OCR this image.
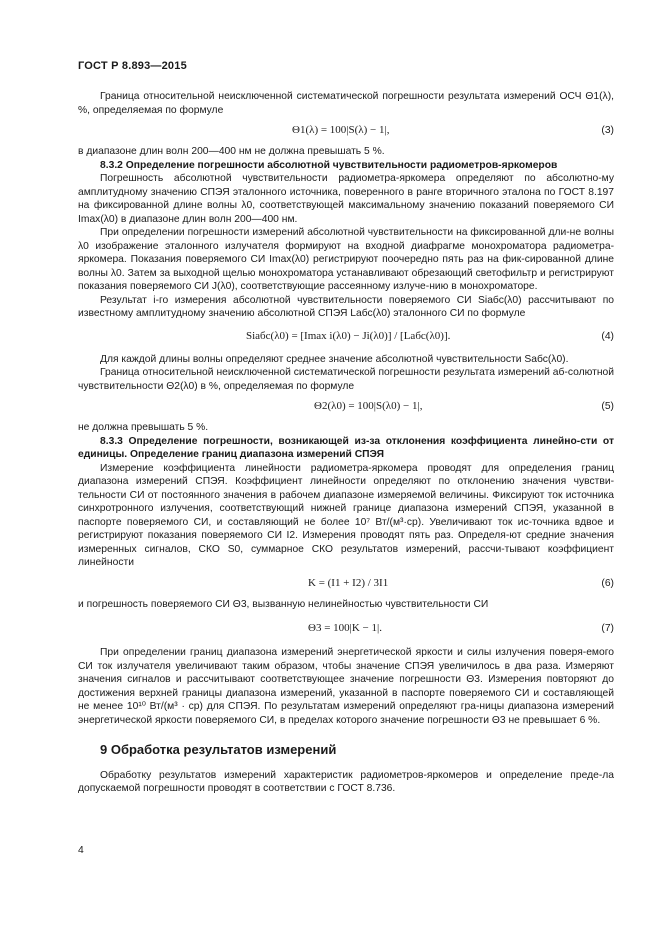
ГОСТ Р 8.893—2015

Граница относительной неисключенной систематической погрешности результата измерений ОСЧ Θ1(λ), %, определяемая по формуле

Θ1(λ) = 100|S(λ) − 1|,	(3)

в диапазоне длин волн 200—400 нм не должна превышать 5 %.

8.3.2 Определение погрешности абсолютной чувствительности радиометров-яркомеров

Погрешность абсолютной чувствительности радиометра-яркомера определяют по абсолютно-му амплитудному значению СПЭЯ эталонного источника, поверенного в ранге вторичного эталона по ГОСТ 8.197 на фиксированной длине волны λ0, соответствующей максимальному значению показаний поверяемого СИ Imax(λ0) в диапазоне длин волн 200—400 нм.

При определении погрешности измерений абсолютной чувствительности на фиксированной дли-не волны λ0 изображение эталонного излучателя формируют на входной диафрагме монохроматора радиометра-яркомера. Показания поверяемого СИ Imax(λ0) регистрируют поочередно пять раз на фик-сированной длине волны λ0. Затем за выходной щелью монохроматора устанавливают обрезающий светофильтр и регистрируют показания поверяемого СИ J(λ0), соответствующие рассеянному излуче-нию в монохроматоре.

Результат i-го измерения абсолютной чувствительности поверяемого СИ Siабс(λ0) рассчитывают по известному амплитудному значению абсолютной СПЭЯ Lабс(λ0) эталонного СИ по формуле

Siабс(λ0) = [Imax i(λ0) − Ji(λ0)] / [Lабс(λ0)].	(4)

Для каждой длины волны определяют среднее значение абсолютной чувствительности Sабс(λ0).

Граница относительной неисключенной систематической погрешности результата измерений аб-солютной чувствительности Θ2(λ0) в %, определяемая по формуле

Θ2(λ0) = 100|S(λ0) − 1|,	(5)

не должна превышать 5 %.

8.3.3 Определение погрешности, возникающей из-за отклонения коэффициента линейно-сти от единицы. Определение границ диапазона измерений СПЭЯ

Измерение коэффициента линейности радиометра-яркомера проводят для определения границ диапазона измерений СПЭЯ. Коэффициент линейности определяют по отклонению значения чувстви-тельности СИ от постоянного значения в рабочем диапазоне измеряемой величины. Фиксируют ток источника синхротронного излучения, соответствующий нижней границе диапазона измерений СПЭЯ, указанной в паспорте поверяемого СИ, и составляющий не более 10⁷ Вт/(м³·ср). Увеличивают ток ис-точника вдвое и регистрируют показания поверяемого СИ I2. Измерения проводят пять раз. Определя-ют средние значения измеренных сигналов, СКО S0, суммарное СКО результатов измерений, рассчи-тывают коэффициент линейности

K = (I1 + I2) / 3I1	(6)

и погрешность поверяемого СИ Θ3, вызванную нелинейностью чувствительности СИ

Θ3 = 100|K − 1|.	(7)

При определении границ диапазона измерений энергетической яркости и силы излучения поверя-емого СИ ток излучателя увеличивают таким образом, чтобы значение СПЭЯ увеличилось в два раза. Измеряют значения сигналов и рассчитывают соответствующее значение погрешности Θ3. Измерения повторяют до достижения верхней границы диапазона измерений, указанной в паспорте поверяемого СИ и составляющей не менее 10¹⁰ Вт/(м³ · ср) для СПЭЯ. По результатам измерений определяют гра-ницы диапазона измерений энергетической яркости поверяемого СИ, в пределах которого значение погрешности Θ3 не превышает 6 %.

9 Обработка результатов измерений

Обработку результатов измерений характеристик радиометров-яркомеров и определение преде-ла допускаемой погрешности проводят в соответствии с ГОСТ 8.736.

4
